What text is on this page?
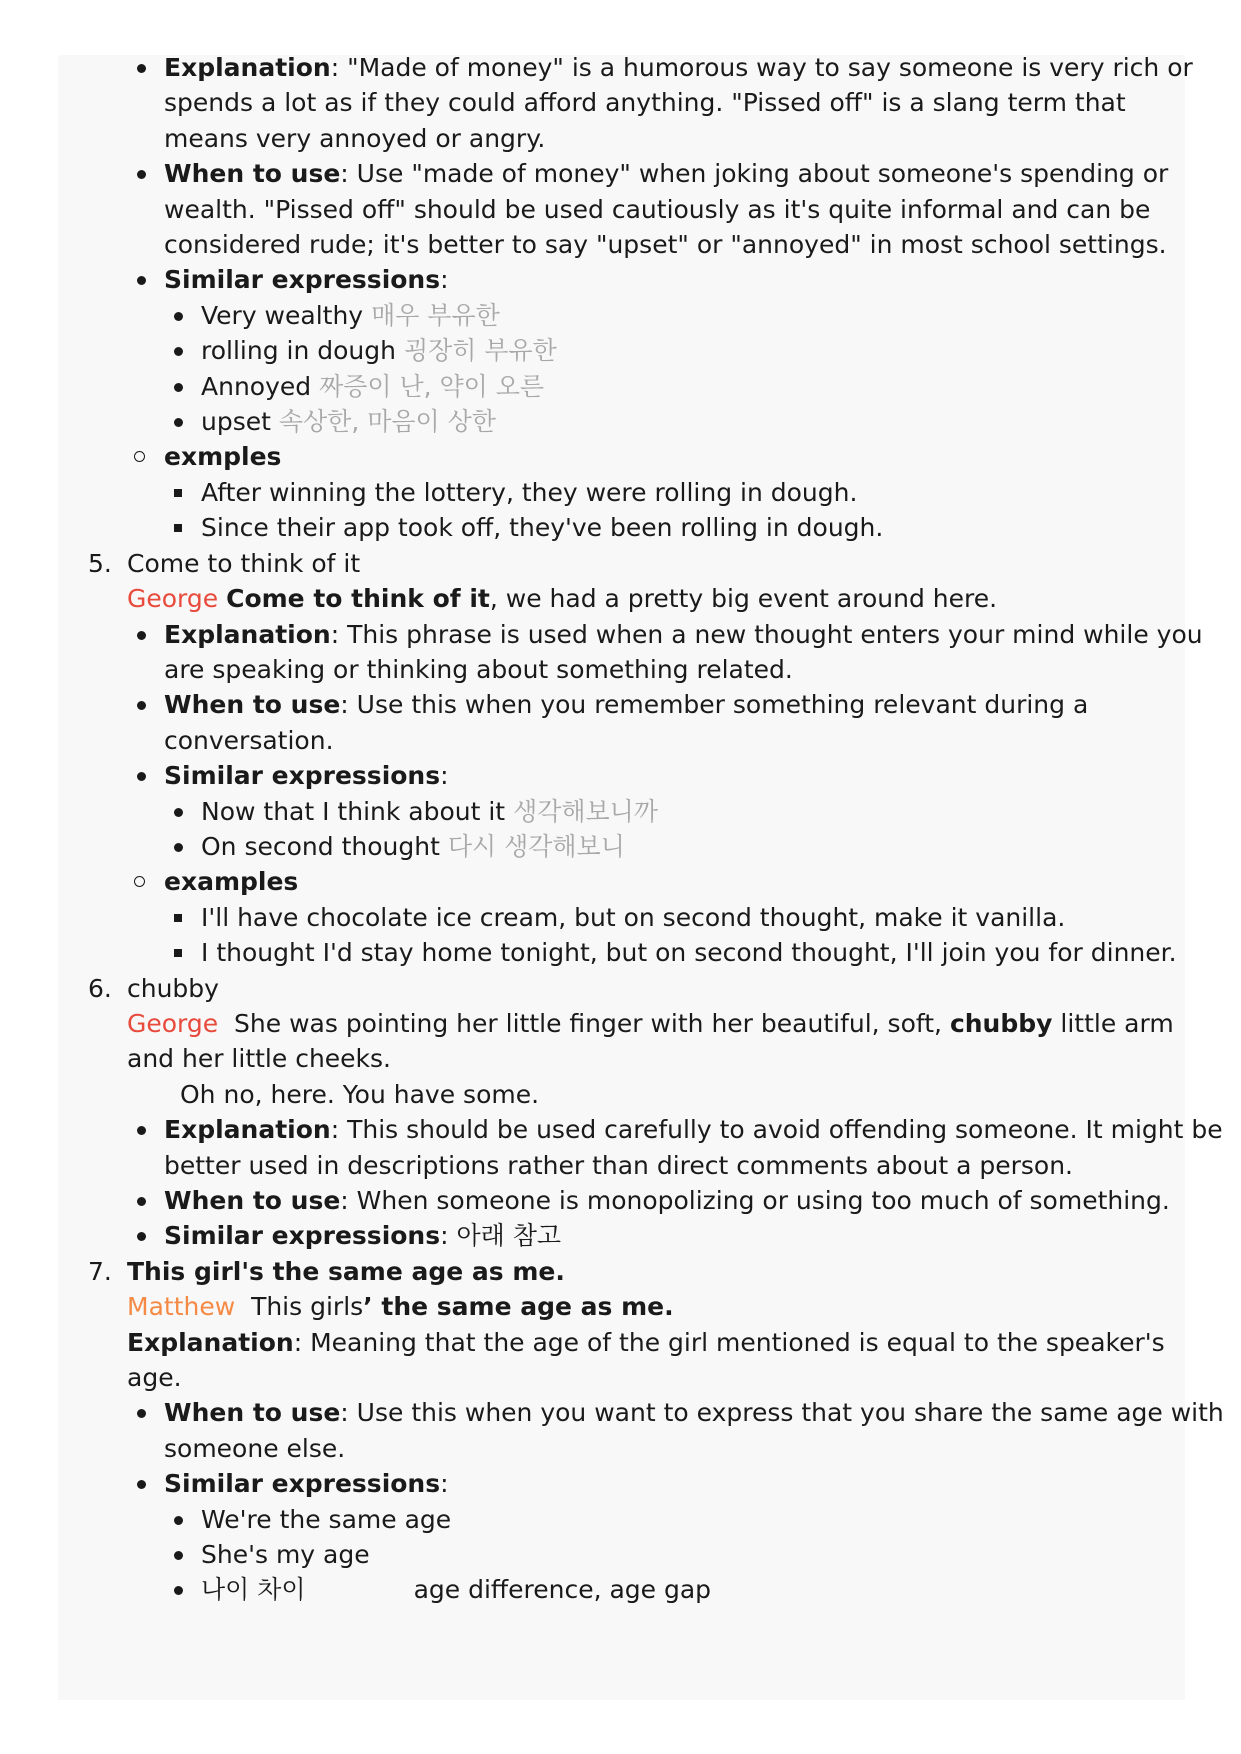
Explanation: "Made of money" is a humorous way to say someone is very rich or
spends a lot as if they could afford anything. "Pissed off" is a slang term that
means very annoyed or angry.
When to use: Use "made of money" when joking about someone's spending or
wealth. "Pissed off" should be used cautiously as it's quite informal and can be
considered rude; it's better to say "upset" or "annoyed" in most school settings.
Similar expressions:
Very wealthy 매우 부유한
rolling in dough 굉장히 부유한
Annoyed 짜증이 난, 약이 오른
upset 속상한, 마음이 상한
exmples
After winning the lottery, they were rolling in dough.
Since their app took off, they've been rolling in dough.
5. Come to think of it
George Come to think of it, we had a pretty big event around here.
Explanation: This phrase is used when a new thought enters your mind while you
are speaking or thinking about something related.
When to use: Use this when you remember something relevant during a
conversation.
Similar expressions:
Now that I think about it 생각해보니까
On second thought 다시 생각해보니
examples
I'll have chocolate ice cream, but on second thought, make it vanilla.
I thought I'd stay home tonight, but on second thought, I'll join you for dinner.
6. chubby
George  She was pointing her little finger with her beautiful, soft, chubby little arm
and her little cheeks.
Oh no, here. You have some.
Explanation: This should be used carefully to avoid offending someone. It might be
better used in descriptions rather than direct comments about a person.
When to use: When someone is monopolizing or using too much of something.
Similar expressions: 아래 참고
7. This girl's the same age as me.
Matthew  This girls’ the same age as me.
Explanation: Meaning that the age of the girl mentioned is equal to the speaker's
age.
When to use: Use this when you want to express that you share the same age with
someone else.
Similar expressions:
We're the same age
She's my age
나이 차이	age difference, age gap
